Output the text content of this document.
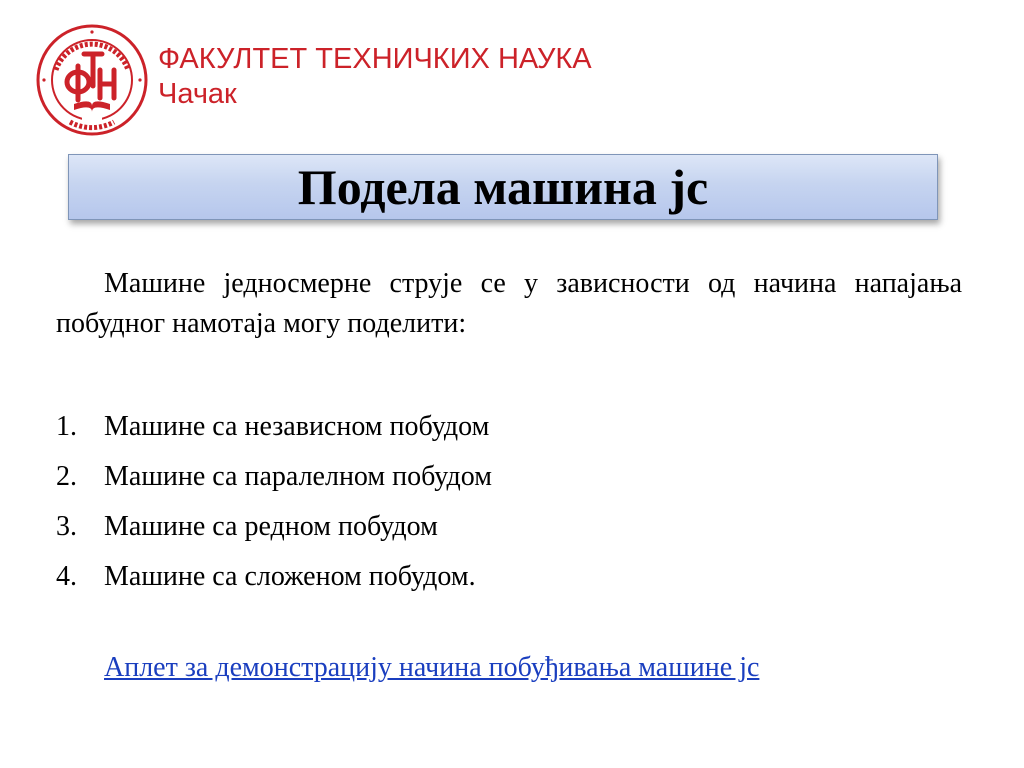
ФАКУЛТЕТ ТЕХНИЧКИХ НАУКА
Чачак
Подела машина јс

Машине једносмерне струје се у зависности од начина напајања побудног намотаја могу поделити:

1. Машине са независном побудом
2. Машине са паралелном побудом
3. Машине са редном побудом
4. Машине са сложеном побудом.
Аплет за демонстрацију начина побуђивања машине јс
